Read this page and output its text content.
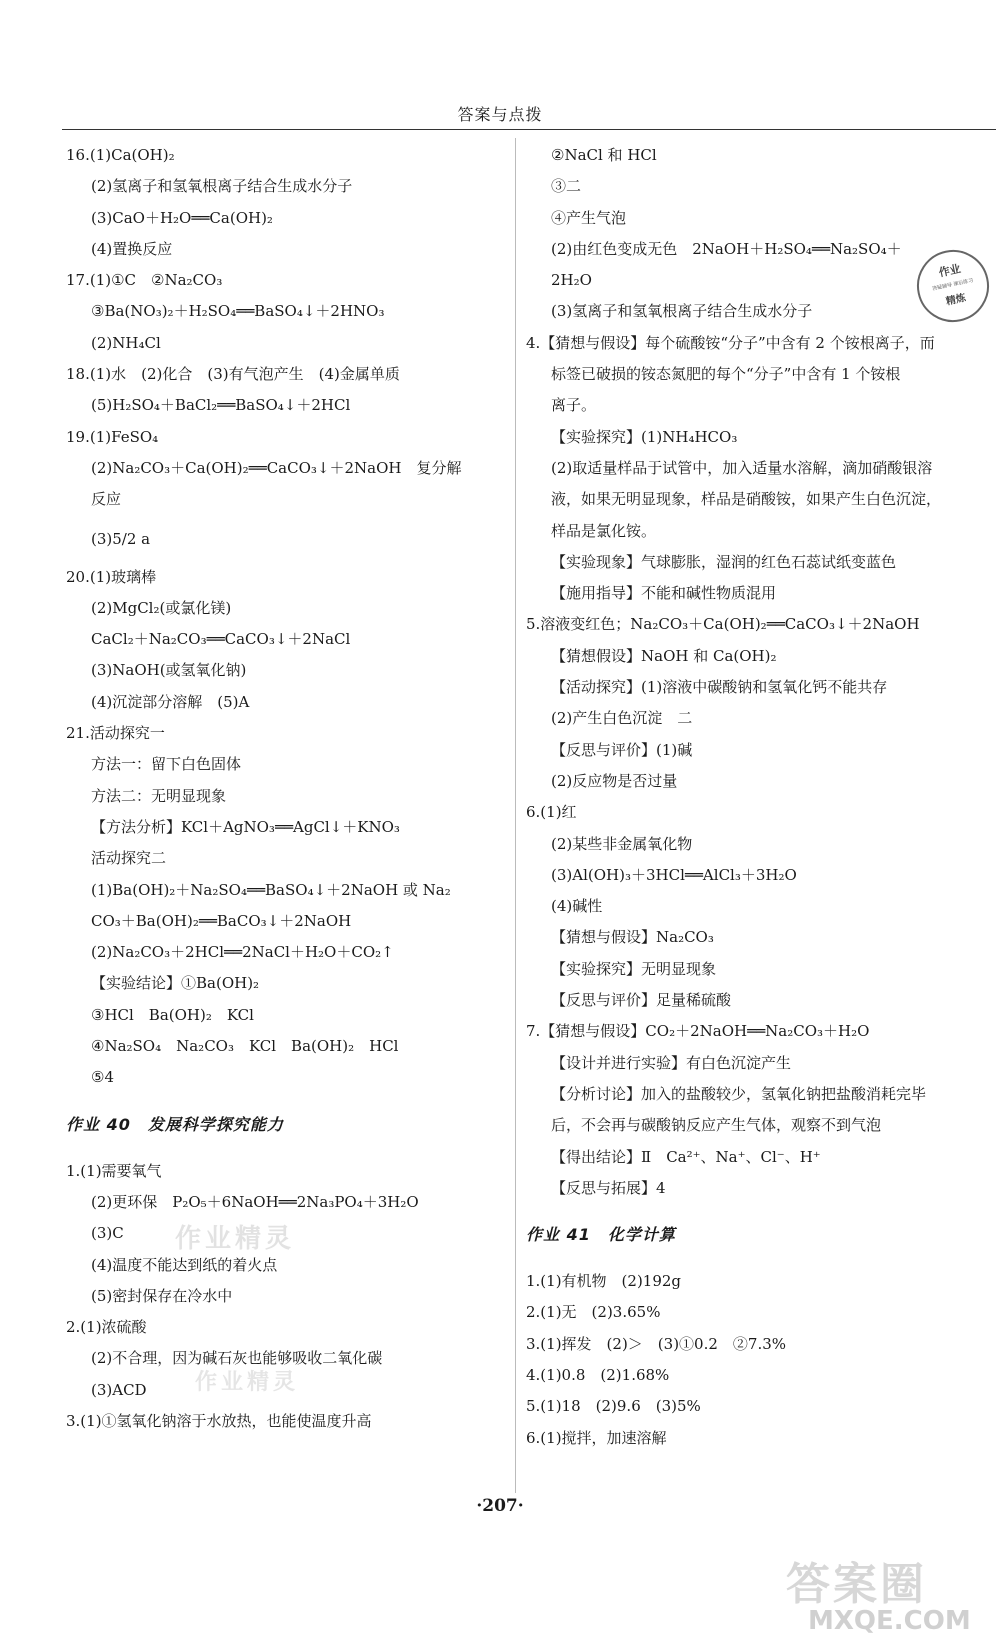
答案与点拨
16.(1)Ca(OH)₂
(2)氢离子和氢氧根离子结合生成水分子
(3)CaO＋H₂O══Ca(OH)₂
(4)置换反应
17.(1)①C　②Na₂CO₃
③Ba(NO₃)₂＋H₂SO₄══BaSO₄↓＋2HNO₃
(2)NH₄Cl
18.(1)水　(2)化合　(3)有气泡产生　(4)金属单质
(5)H₂SO₄＋BaCl₂══BaSO₄↓＋2HCl
19.(1)FeSO₄
(2)Na₂CO₃＋Ca(OH)₂══CaCO₃↓＋2NaOH　复分解
反应
(3)5/2 a
20.(1)玻璃棒
(2)MgCl₂(或氯化镁)
CaCl₂＋Na₂CO₃══CaCO₃↓＋2NaCl
(3)NaOH(或氢氧化钠)
(4)沉淀部分溶解　(5)A
21.活动探究一
方法一：留下白色固体
方法二：无明显现象
【方法分析】KCl＋AgNO₃══AgCl↓＋KNO₃
活动探究二
(1)Ba(OH)₂＋Na₂SO₄══BaSO₄↓＋2NaOH 或 Na₂
CO₃＋Ba(OH)₂══BaCO₃↓＋2NaOH
(2)Na₂CO₃＋2HCl══2NaCl＋H₂O＋CO₂↑
【实验结论】①Ba(OH)₂
③HCl　Ba(OH)₂　KCl
④Na₂SO₄　Na₂CO₃　KCl　Ba(OH)₂　HCl
⑤4
作业 40　发展科学探究能力
1.(1)需要氧气
(2)更环保　P₂O₅＋6NaOH══2Na₃PO₄＋3H₂O
(3)C
(4)温度不能达到纸的着火点
(5)密封保存在冷水中
2.(1)浓硫酸
(2)不合理，因为碱石灰也能够吸收二氧化碳
(3)ACD
3.(1)①氢氧化钠溶于水放热，也能使温度升高
②NaCl 和 HCl
③二
④产生气泡
(2)由红色变成无色　2NaOH＋H₂SO₄══Na₂SO₄＋
2H₂O
(3)氢离子和氢氧根离子结合生成水分子
4.【猜想与假设】每个硫酸铵“分子”中含有 2 个铵根离子，而
标签已破损的铵态氮肥的每个“分子”中含有 1 个铵根
离子。
【实验探究】(1)NH₄HCO₃
(2)取适量样品于试管中，加入适量水溶解，滴加硝酸银溶
液，如果无明显现象，样品是硝酸铵，如果产生白色沉淀，
样品是氯化铵。
【实验现象】气球膨胀，湿润的红色石蕊试纸变蓝色
【施用指导】不能和碱性物质混用
5.溶液变红色；Na₂CO₃＋Ca(OH)₂══CaCO₃↓＋2NaOH
【猜想假设】NaOH 和 Ca(OH)₂
【活动探究】(1)溶液中碳酸钠和氢氧化钙不能共存
(2)产生白色沉淀　二
【反思与评价】(1)碱
(2)反应物是否过量
6.(1)红
(2)某些非金属氧化物
(3)Al(OH)₃＋3HCl══AlCl₃＋3H₂O
(4)碱性
【猜想与假设】Na₂CO₃
【实验探究】无明显现象
【反思与评价】足量稀硫酸
7.【猜想与假设】CO₂＋2NaOH══Na₂CO₃＋H₂O
【设计并进行实验】有白色沉淀产生
【分析讨论】加入的盐酸较少，氢氧化钠把盐酸消耗完毕
后，不会再与碳酸钠反应产生气体，观察不到气泡
【得出结论】Ⅱ　Ca²⁺、Na⁺、Cl⁻、H⁺
【反思与拓展】4
作业 41　化学计算
1.(1)有机物　(2)192g
2.(1)无　(2)3.65%
3.(1)挥发　(2)＞　(3)①0.2　②7.3%
4.(1)0.8　(2)1.68%
5.(1)18　(2)9.6　(3)5%
6.(1)搅拌，加速溶解
作业
答疑辅导 课后练习
精炼
作业精灵
作业精灵
·207·
答案圈
MXQE.COM
